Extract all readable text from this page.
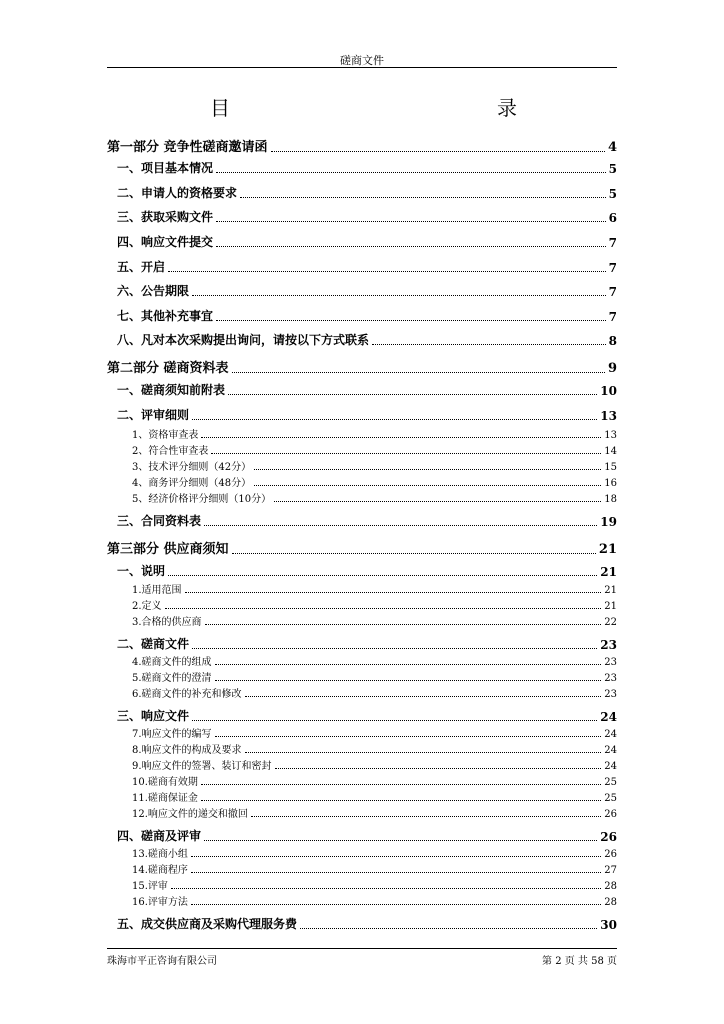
磋商文件
目	录
第一部分 竞争性磋商邀请函	4
一、项目基本情况	5
二、申请人的资格要求	5
三、获取采购文件	6
四、响应文件提交	7
五、开启	7
六、公告期限	7
七、其他补充事宜	7
八、凡对本次采购提出询问，请按以下方式联系	8
第二部分 磋商资料表	9
一、磋商须知前附表	10
二、评审细则	13
1、资格审查表	13
2、符合性审查表	14
3、技术评分细则（42分）	15
4、商务评分细则（48分）	16
5、经济价格评分细则（10分）	18
三、合同资料表	19
第三部分 供应商须知	21
一、说明	21
1.适用范围	21
2.定义	21
3.合格的供应商	22
二、磋商文件	23
4.磋商文件的组成	23
5.磋商文件的澄清	23
6.磋商文件的补充和修改	23
三、响应文件	24
7.响应文件的编写	24
8.响应文件的构成及要求	24
9.响应文件的签署、装订和密封	24
10.磋商有效期	25
11.磋商保证金	25
12.响应文件的递交和撤回	26
四、磋商及评审	26
13.磋商小组	26
14.磋商程序	27
15.评审	28
16.评审方法	28
五、成交供应商及采购代理服务费	30
珠海市平正咨询有限公司	第 2 页 共 58 页
